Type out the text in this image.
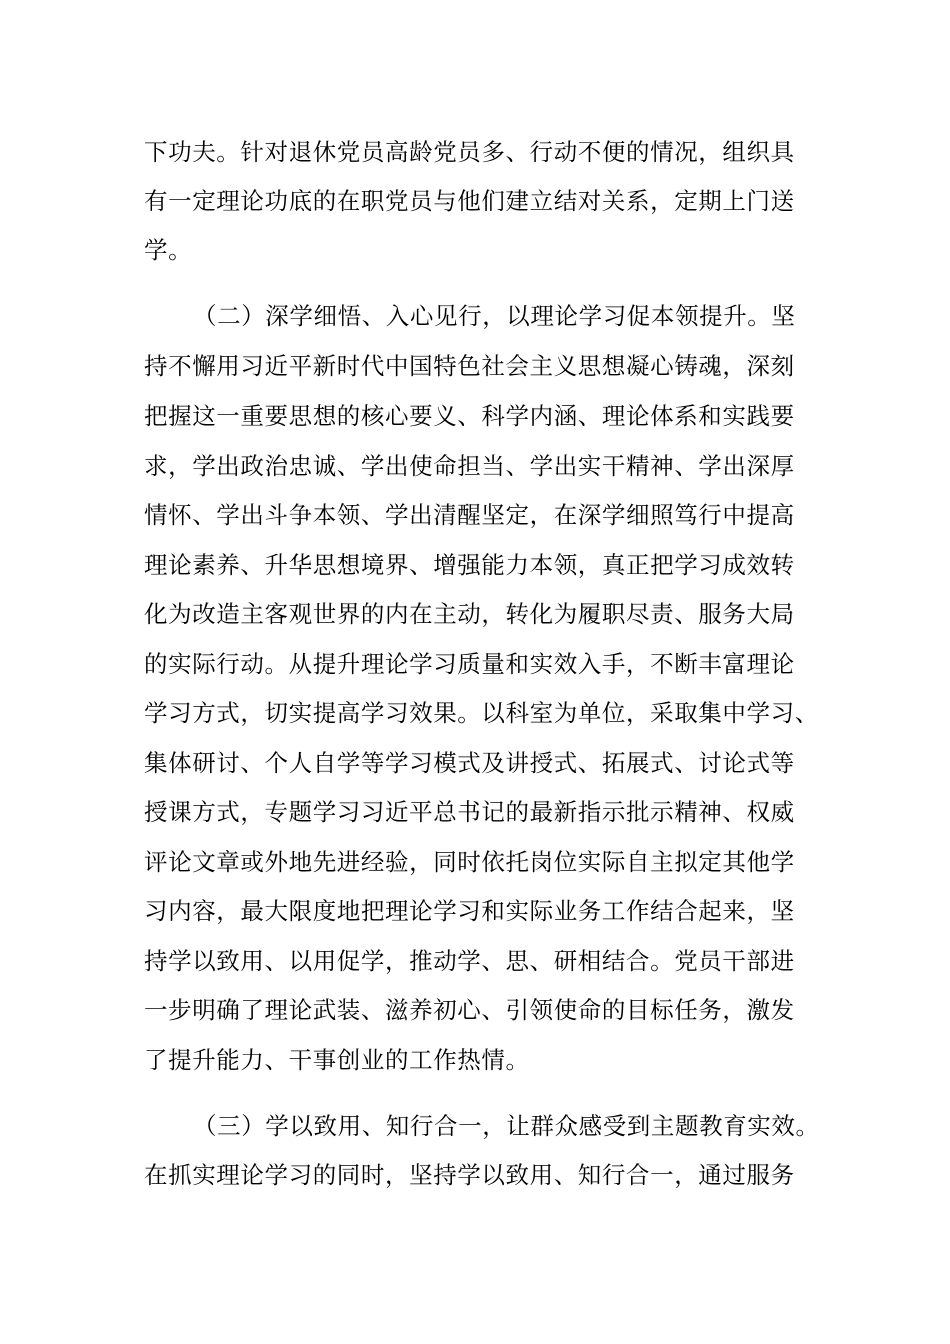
下功夫。针对退休党员高龄党员多、行动不便的情况，组织具
有一定理论功底的在职党员与他们建立结对关系，定期上门送
学。
（二）深学细悟、入心见行，以理论学习促本领提升。坚
持不懈用习近平新时代中国特色社会主义思想凝心铸魂，深刻
把握这一重要思想的核心要义、科学内涵、理论体系和实践要
求，学出政治忠诚、学出使命担当、学出实干精神、学出深厚
情怀、学出斗争本领、学出清醒坚定，在深学细照笃行中提高
理论素养、升华思想境界、增强能力本领，真正把学习成效转
化为改造主客观世界的内在主动，转化为履职尽责、服务大局
的实际行动。从提升理论学习质量和实效入手，不断丰富理论
学习方式，切实提高学习效果。以科室为单位，采取集中学习、
集体研讨、个人自学等学习模式及讲授式、拓展式、讨论式等
授课方式，专题学习习近平总书记的最新指示批示精神、权威
评论文章或外地先进经验，同时依托岗位实际自主拟定其他学
习内容，最大限度地把理论学习和实际业务工作结合起来，坚
持学以致用、以用促学，推动学、思、研相结合。党员干部进
一步明确了理论武装、滋养初心、引领使命的目标任务，激发
了提升能力、干事创业的工作热情。
（三）学以致用、知行合一，让群众感受到主题教育实效。
在抓实理论学习的同时，坚持学以致用、知行合一，通过服务
